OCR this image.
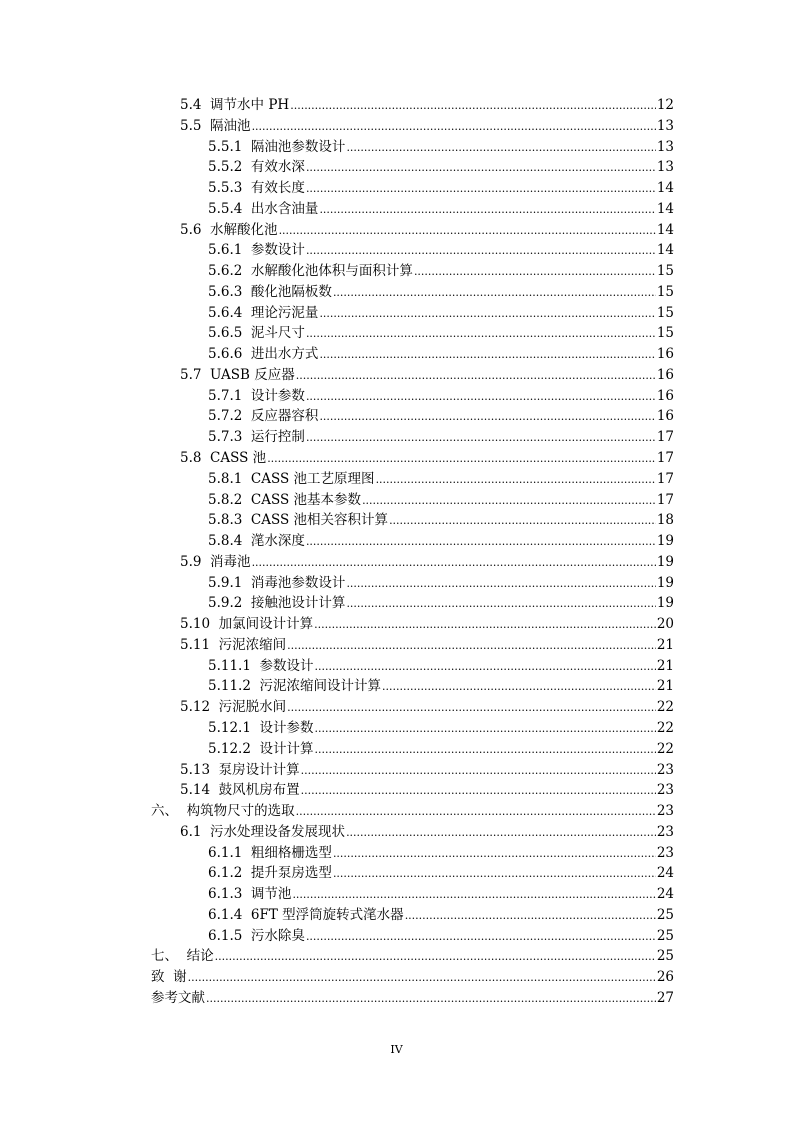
5.4  调节水中 PH .....	12
5.5  隔油池 .....	13
5.5.1  隔油池参数设计 .....	13
5.5.2  有效水深 .....	13
5.5.3  有效长度 .....	14
5.5.4  出水含油量 .....	14
5.6  水解酸化池 .....	14
5.6.1  参数设计 .....	14
5.6.2  水解酸化池体积与面积计算 .....	15
5.6.3  酸化池隔板数 .....	15
5.6.4  理论污泥量 .....	15
5.6.5  泥斗尺寸 .....	15
5.6.6  进出水方式 .....	16
5.7  UASB 反应器 .....	16
5.7.1  设计参数 .....	16
5.7.2  反应器容积 .....	16
5.7.3  运行控制 .....	17
5.8  CASS 池 .....	17
5.8.1  CASS 池工艺原理图 .....	17
5.8.2  CASS 池基本参数 .....	17
5.8.3  CASS 池相关容积计算 .....	18
5.8.4  滗水深度 .....	19
5.9  消毒池 .....	19
5.9.1  消毒池参数设计 .....	19
5.9.2  接触池设计计算 .....	19
5.10  加氯间设计计算 .....	20
5.11  污泥浓缩间 .....	21
5.11.1  参数设计 .....	21
5.11.2  污泥浓缩间设计计算 .....	21
5.12  污泥脱水间 .....	22
5.12.1  设计参数 .....	22
5.12.2  设计计算 .....	22
5.13  泵房设计计算 .....	23
5.14  鼓风机房布置 .....	23
六、  构筑物尺寸的选取 .....	23
6.1  污水处理设备发展现状 .....	23
6.1.1  粗细格栅选型 .....	23
6.1.2  提升泵房选型 .....	24
6.1.3  调节池 .....	24
6.1.4  6FT 型浮筒旋转式滗水器 .....	25
6.1.5  污水除臭 .....	25
七、  结论 .....	25
致  谢 .....	26
参考文献 .....	27
IV
